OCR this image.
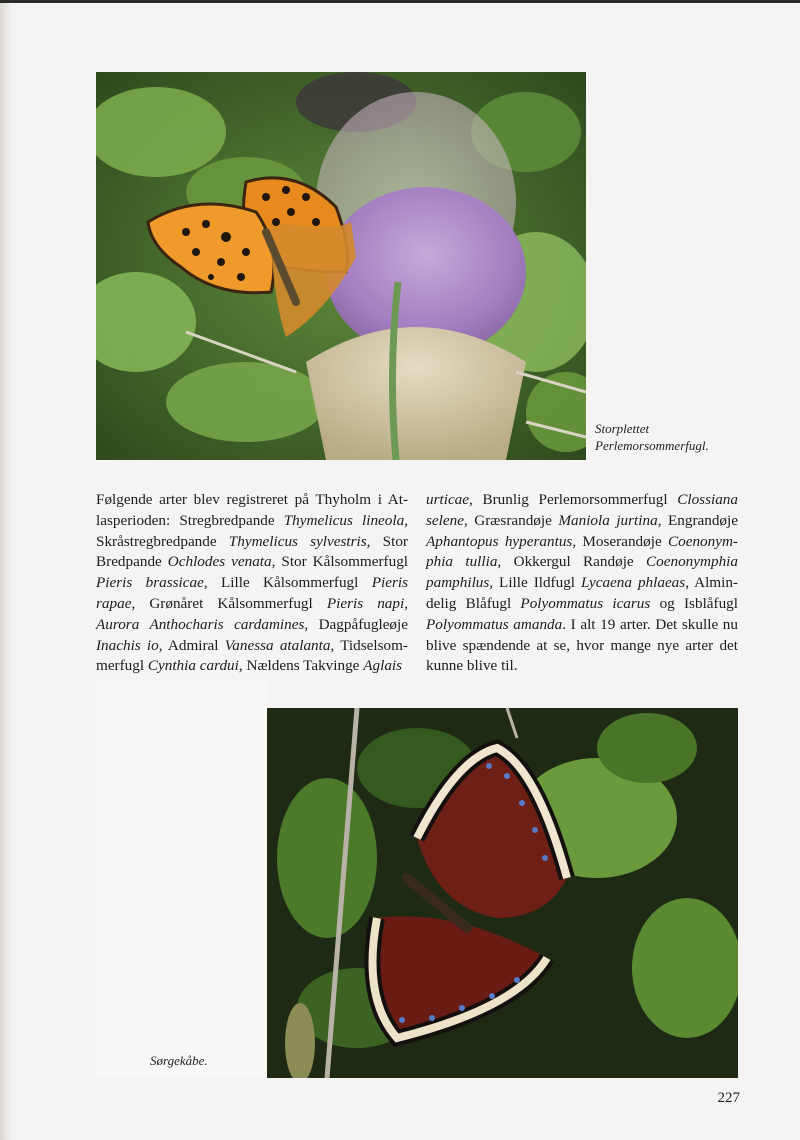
Storplettet
Perlemorsommerfugl.
Følgende arter blev registreret på Thyholm i At-lasperioden: Stregbredpande Thymelicus lineola, Skråstregbredpande Thymelicus sylvestris, Stor Bredpande Ochlodes venata, Stor Kålsommerfugl Pieris brassicae, Lille Kålsommerfugl Pieris rapae, Grønåret Kålsommerfugl Pieris napi, Aurora Anthocharis cardamines, Dagpåfugleøje Inachis io, Admiral Vanessa atalanta, Tidselsom-merfugl Cynthia cardui, Nældens Takvinge Aglais
urticae, Brunlig Perlemorsommerfugl Clossiana selene, Græsrandøje Maniola jurtina, Engrandøje Aphantopus hyperantus, Moserandøje Coenonym-phia tullia, Okkergul Randøje Coenonymphia pamphilus, Lille Ildfugl Lycaena phlaeas, Almin-delig Blåfugl Polyommatus icarus og Isblåfugl Polyommatus amanda. I alt 19 arter. Det skulle nu blive spændende at se, hvor mange nye arter det kunne blive til.
Sørgekåbe.
227
